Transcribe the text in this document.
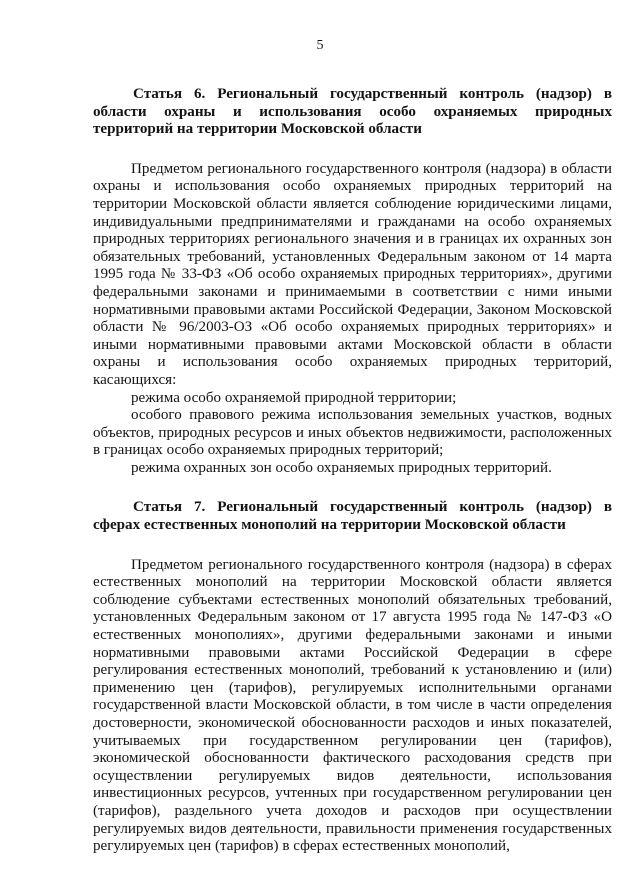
5

Статья 6. Региональный государственный контроль (надзор) в области охраны и использования особо охраняемых природных территорий на территории Московской области

Предметом регионального государственного контроля (надзора) в области охраны и использования особо охраняемых природных территорий на территории Московской области является соблюдение юридическими лицами, индивидуальными предпринимателями и гражданами на особо охраняемых природных территориях регионального значения и в границах их охранных зон обязательных требований, установленных Федеральным законом от 14 марта 1995 года № 33-ФЗ «Об особо охраняемых природных территориях», другими федеральными законами и принимаемыми в соответствии с ними иными нормативными правовыми актами Российской Федерации, Законом Московской области № 96/2003-ОЗ «Об особо охраняемых природных территориях» и иными нормативными правовыми актами Московской области в области охраны и использования особо охраняемых природных территорий, касающихся:

режима особо охраняемой природной территории;

особого правового режима использования земельных участков, водных объектов, природных ресурсов и иных объектов недвижимости, расположенных в границах особо охраняемых природных территорий;

режима охранных зон особо охраняемых природных территорий.

Статья 7. Региональный государственный контроль (надзор) в сферах естественных монополий на территории Московской области

Предметом регионального государственного контроля (надзора) в сферах естественных монополий на территории Московской области является соблюдение субъектами естественных монополий обязательных требований, установленных Федеральным законом от 17 августа 1995 года № 147-ФЗ «О естественных монополиях», другими федеральными законами и иными нормативными правовыми актами Российской Федерации в сфере регулирования естественных монополий, требований к установлению и (или) применению цен (тарифов), регулируемых исполнительными органами государственной власти Московской области, в том числе в части определения достоверности, экономической обоснованности расходов и иных показателей, учитываемых при государственном регулировании цен (тарифов), экономической обоснованности фактического расходования средств при осуществлении регулируемых видов деятельности, использования инвестиционных ресурсов, учтенных при государственном регулировании цен (тарифов), раздельного учета доходов и расходов при осуществлении регулируемых видов деятельности, правильности применения государственных регулируемых цен (тарифов) в сферах естественных монополий,
